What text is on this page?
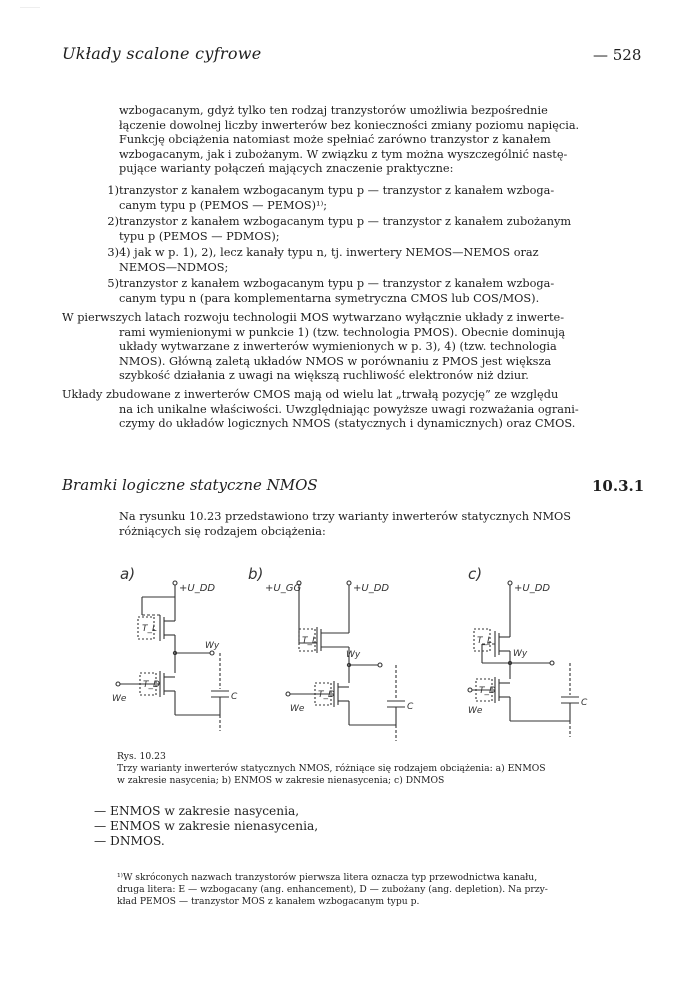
Układy scalone cyfrowe	— 528
wzbogacanym, gdyż tylko ten rodzaj tranzystorów umożliwia bezpośrednie
łączenie dowolnej liczby inwerterów bez konieczności zmiany poziomu napięcia.
Funkcję obciążenia natomiast może spełniać zarówno tranzystor z kanałem
wzbogacanym, jak i zubożanym. W związku z tym można wyszczególnić nastę-
pujące warianty połączeń mających znaczenie praktyczne:
1) tranzystor z kanałem wzbogacanym typu p — tranzystor z kanałem wzboga-
canym typu p (PEMOS — PEMOS)¹⁾;
2) tranzystor z kanałem wzbogacanym typu p — tranzystor z kanałem zubożanym
typu p (PEMOS — PDMOS);
3) 4) jak w p. 1), 2), lecz kanały typu n, tj. inwertery NEMOS—NEMOS oraz
NEMOS—NDMOS;
5) tranzystor z kanałem wzbogacanym typu p — tranzystor z kanałem wzboga-
canym typu n (para komplementarna symetryczna CMOS lub COS/MOS).
W pierwszych latach rozwoju technologii MOS wytwarzano wyłącznie układy z inwerte-
rami wymienionymi w punkcie 1) (tzw. technologia PMOS). Obecnie dominują
układy wytwarzane z inwerterów wymienionych w p. 3), 4) (tzw. technologia
NMOS). Główną zaletą układów NMOS w porównaniu z PMOS jest większa
szybkość działania z uwagi na większą ruchliwość elektronów niż dziur.
Układy zbudowane z inwerterów CMOS mają od wielu lat „trwałą pozycję” ze względu
na ich unikalne właściwości. Uwzględniając powyższe uwagi rozważania ograni-
czymy do układów logicznych NMOS (statycznych i dynamicznych) oraz CMOS.
Bramki logiczne statyczne NMOS	10.3.1
Na rysunku 10.23 przedstawiono trzy warianty inwerterów statycznych NMOS
różniących się rodzajem obciążenia:
a)
+U_DD
T_L
Wy
We
T_D
C
b)
+U_GG	+U_DD
T_L
Wy
We
T_D
C
c)
+U_DD
T_L
Wy
We
T_D
C
Rys. 10.23
Trzy warianty inwerterów statycznych NMOS, różniące się rodzajem obciążenia: a) ENMOS
w zakresie nasycenia; b) ENMOS w zakresie nienasycenia; c) DNMOS
— ENMOS w zakresie nasycenia,
— ENMOS w zakresie nienasycenia,
— DNMOS.
¹⁾W skróconych nazwach tranzystorów pierwsza litera oznacza typ przewodnictwa kanału,
druga litera: E — wzbogacany (ang. enhancement), D — zubożany (ang. depletion). Na przy-
kład PEMOS — tranzystor MOS z kanałem wzbogacanym typu p.
